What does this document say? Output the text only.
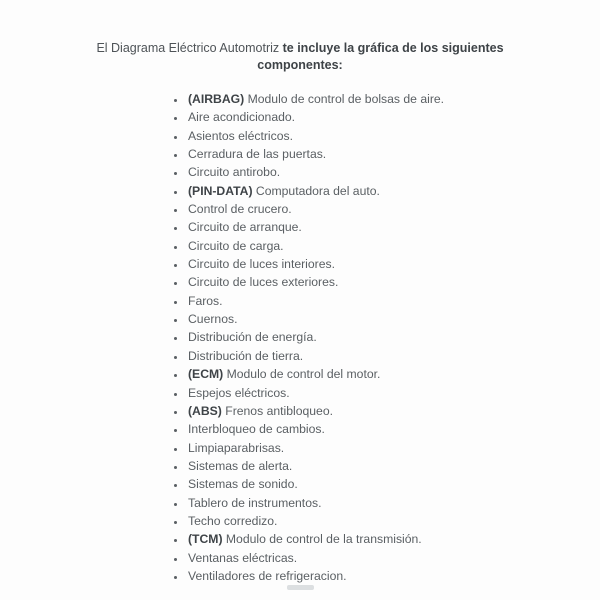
El Diagrama Eléctrico Automotriz te incluye la gráfica de los siguientes
componentes:
• (AIRBAG) Modulo de control de bolsas de aire.
• Aire acondicionado.
• Asientos eléctricos.
• Cerradura de las puertas.
• Circuito antirobo.
• (PIN-DATA) Computadora del auto.
• Control de crucero.
• Circuito de arranque.
• Circuito de carga.
• Circuito de luces interiores.
• Circuito de luces exteriores.
• Faros.
• Cuernos.
• Distribución de energía.
• Distribución de tierra.
• (ECM) Modulo de control del motor.
• Espejos eléctricos.
• (ABS) Frenos antibloqueo.
• Interbloqueo de cambios.
• Limpiaparabrisas.
• Sistemas de alerta.
• Sistemas de sonido.
• Tablero de instrumentos.
• Techo corredizo.
• (TCM) Modulo de control de la transmisión.
• Ventanas eléctricas.
• Ventiladores de refrigeracion.
